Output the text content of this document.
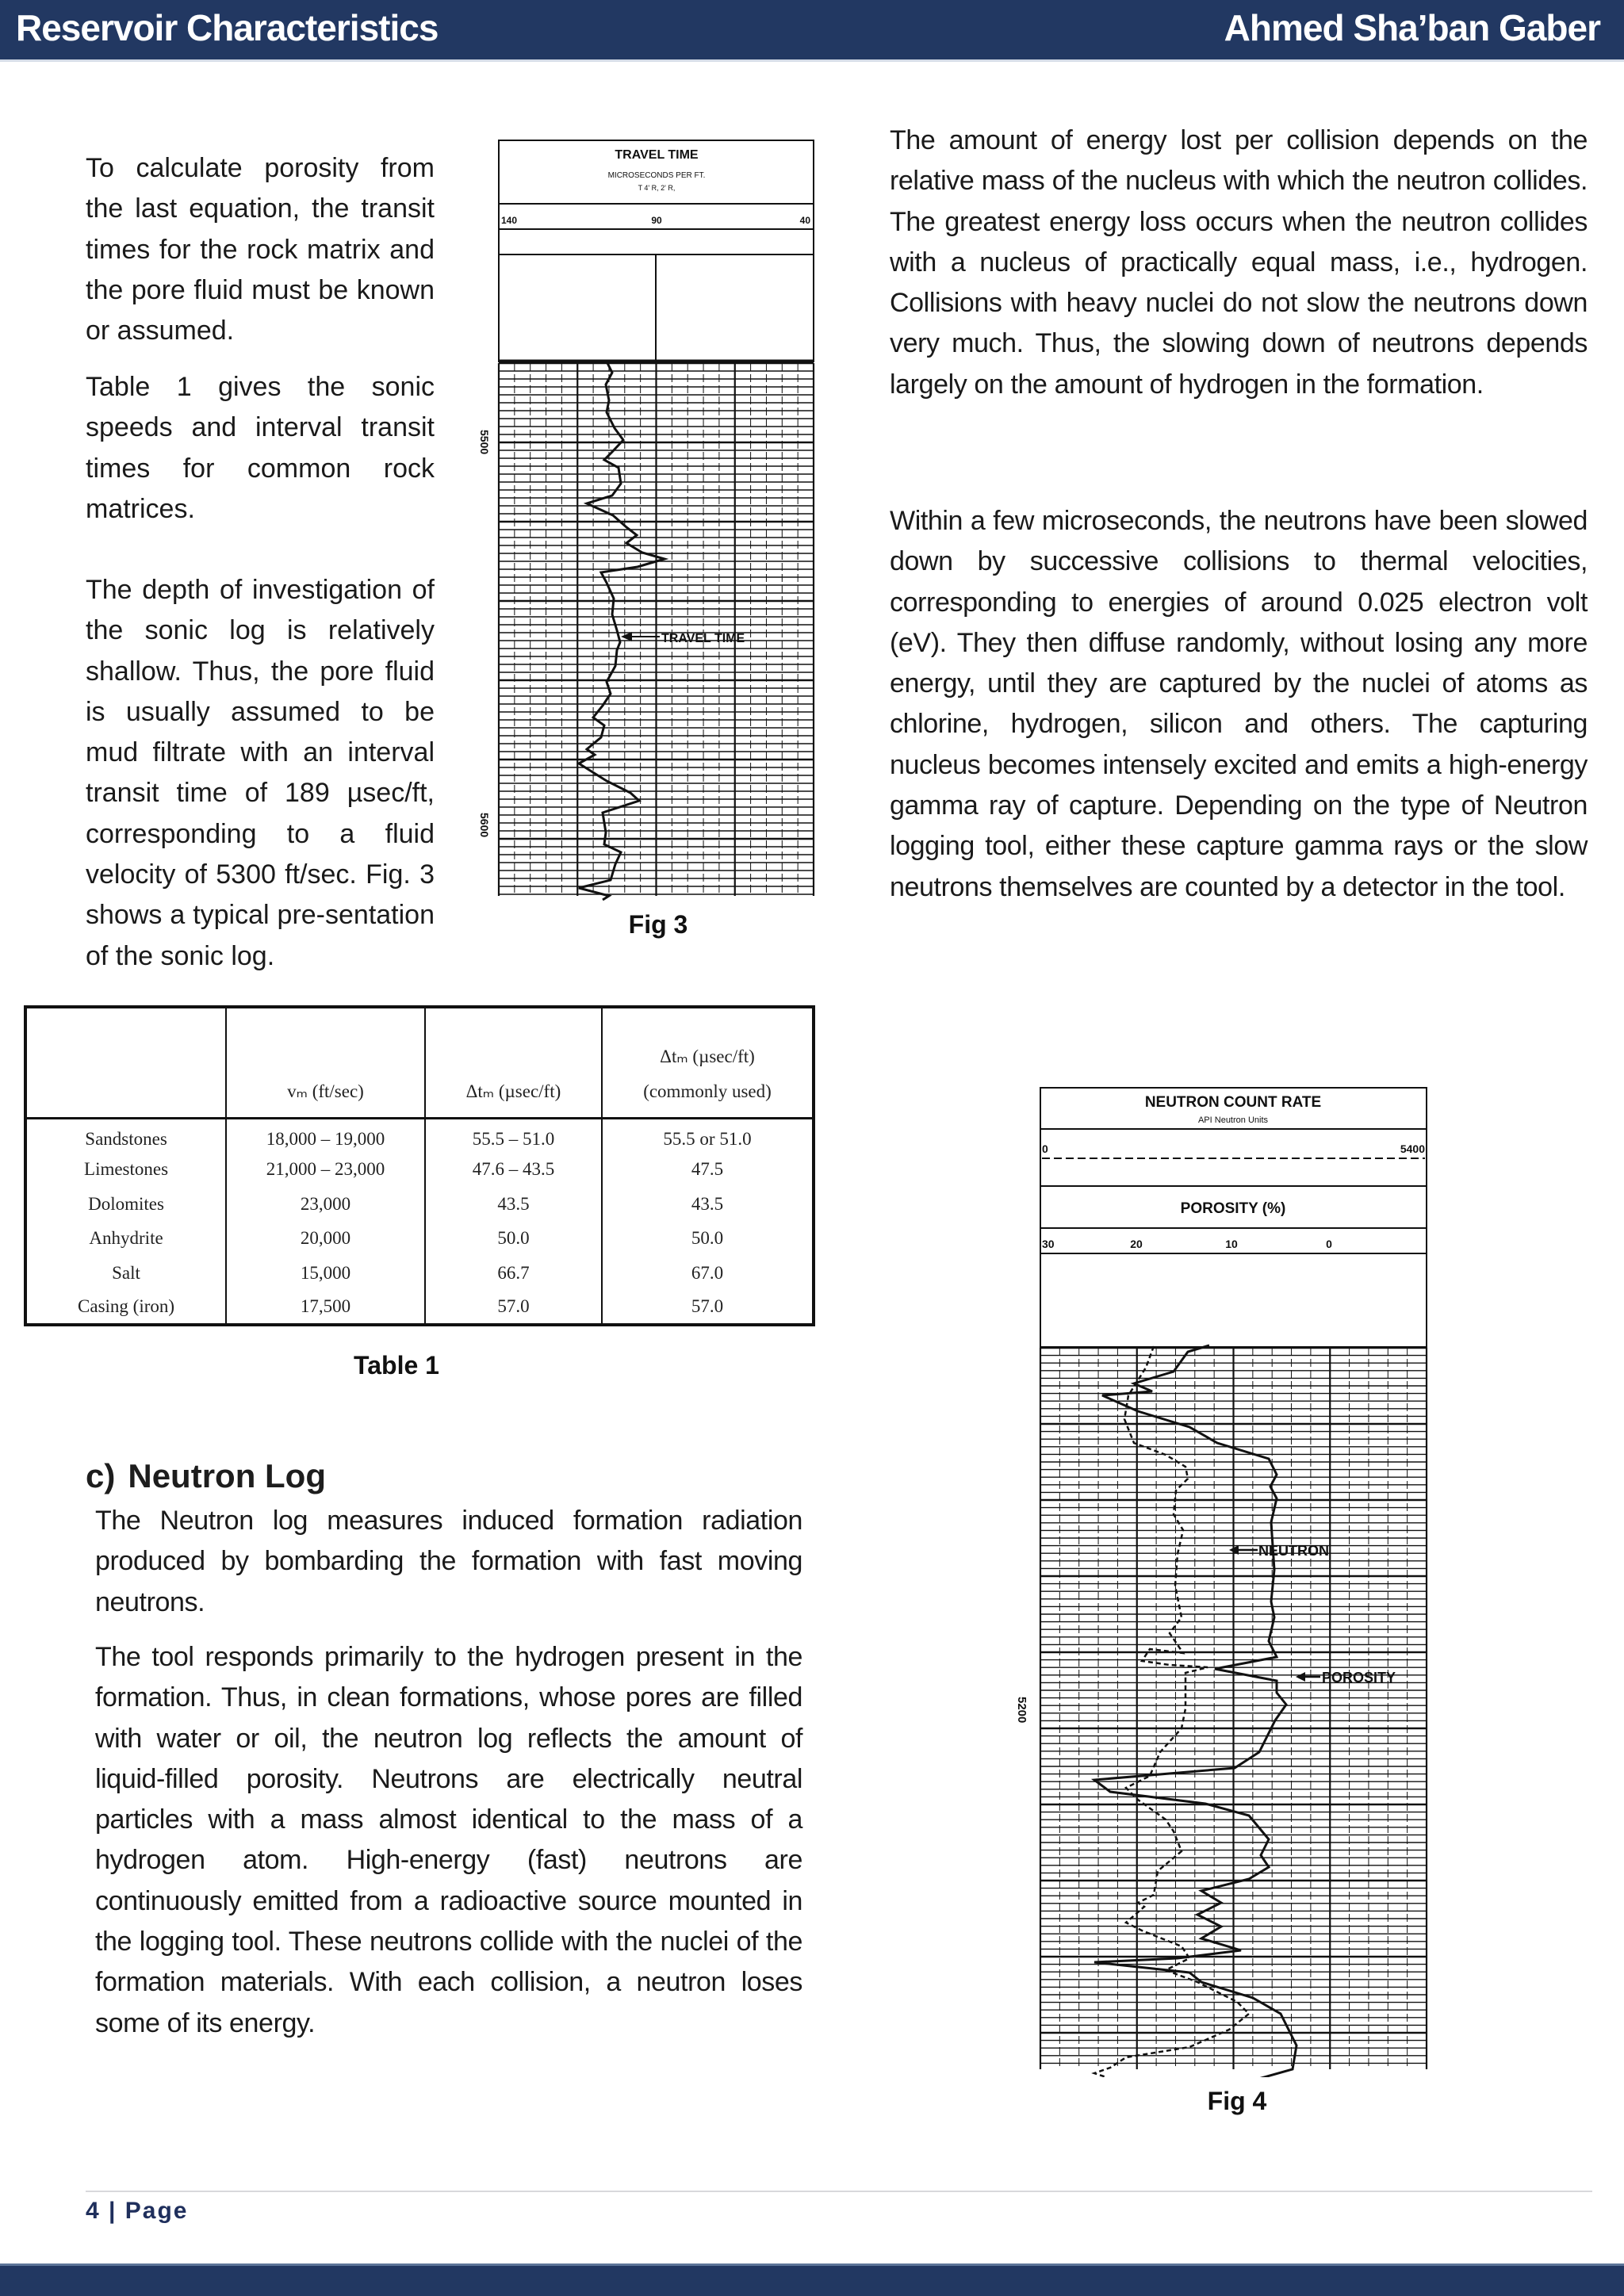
Reservoir Characteristics	Ahmed Sha’ban Gaber

To calculate porosity from the last equation, the transit times for the rock matrix and the pore fluid must be known or assumed.

Table 1 gives the sonic speeds and interval transit times for common rock matrices.

The depth of investigation of the sonic log is relatively shallow. Thus, the pore fluid is usually assumed to be mud filtrate with an interval transit time of 189 µsec/ft, corresponding to a fluid velocity of 5300 ft/sec. Fig. 3 shows a typical pre-sentation of the sonic log.

TRAVEL TIME
MICROSECONDS PER FT.
T 4' R, 2' R,
140	90	40
TRAVEL TIME
5500
5600
Fig 3
	vₘ (ft/sec)	Δtₘ (µsec/ft)	Δtₘ (µsec/ft)
(commonly used)
Sandstones	18,000 – 19,000	55.5 – 51.0	55.5 or 51.0
Limestones	21,000 – 23,000	47.6 – 43.5	47.5
Dolomites	23,000	43.5	43.5
Anhydrite	20,000	50.0	50.0
Salt	15,000	66.7	67.0
Casing (iron)	17,500	57.0	57.0
Table 1
c) Neutron Log

The Neutron log measures induced formation radiation produced by bombarding the formation with fast moving neutrons.

The tool responds primarily to the hydrogen present in the formation. Thus, in clean formations, whose pores are filled with water or oil, the neutron log reflects the amount of liquid-filled porosity. Neutrons are electrically neutral particles with a mass almost identical to the mass of a hydrogen atom. High-energy (fast) neutrons are continuously emitted from a radioactive source mounted in the logging tool. These neutrons collide with the nuclei of the formation materials. With each collision, a neutron loses some of its energy.

The amount of energy lost per collision depends on the relative mass of the nucleus with which the neutron collides. The greatest energy loss occurs when the neutron collides with a nucleus of practically equal mass, i.e., hydrogen. Collisions with heavy nuclei do not slow the neutrons down very much. Thus, the slowing down of neutrons depends largely on the amount of hydrogen in the formation.

Within a few microseconds, the neutrons have been slowed down by successive collisions to thermal velocities, corresponding to energies of around 0.025 electron volt (eV). They then diffuse randomly, without losing any more energy, until they are captured by the nuclei of atoms as chlorine, hydrogen, silicon and others. The capturing nucleus becomes intensely excited and emits a high-energy gamma ray of capture. Depending on the type of Neutron logging tool, either these capture gamma rays or the slow neutrons themselves are counted by a detector in the tool.

NEUTRON COUNT RATE
API Neutron Units
0	5400
POROSITY (%)
30	20	10	0
NEUTRON
POROSITY
5200
Fig 4
4 | Page
